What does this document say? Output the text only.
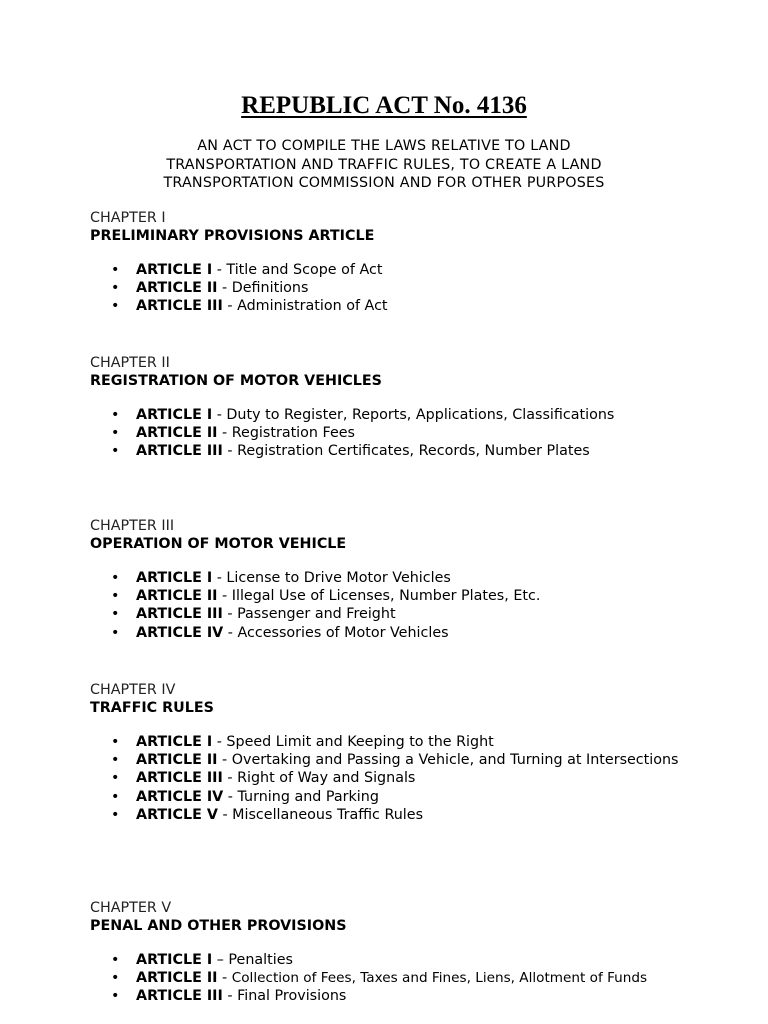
REPUBLIC ACT No. 4136
AN ACT TO COMPILE THE LAWS RELATIVE TO LAND
TRANSPORTATION AND TRAFFIC RULES, TO CREATE A LAND
TRANSPORTATION COMMISSION AND FOR OTHER PURPOSES
CHAPTER I
PRELIMINARY PROVISIONS ARTICLE
• ARTICLE I - Title and Scope of Act
• ARTICLE II - Definitions
• ARTICLE III - Administration of Act
CHAPTER II
REGISTRATION OF MOTOR VEHICLES
• ARTICLE I - Duty to Register, Reports, Applications, Classifications
• ARTICLE II - Registration Fees
• ARTICLE III - Registration Certificates, Records, Number Plates
CHAPTER III
OPERATION OF MOTOR VEHICLE
• ARTICLE I - License to Drive Motor Vehicles
• ARTICLE II - Illegal Use of Licenses, Number Plates, Etc.
• ARTICLE III - Passenger and Freight
• ARTICLE IV - Accessories of Motor Vehicles
CHAPTER IV
TRAFFIC RULES
• ARTICLE I - Speed Limit and Keeping to the Right
• ARTICLE II - Overtaking and Passing a Vehicle, and Turning at Intersections
• ARTICLE III - Right of Way and Signals
• ARTICLE IV - Turning and Parking
• ARTICLE V - Miscellaneous Traffic Rules
CHAPTER V
PENAL AND OTHER PROVISIONS
• ARTICLE I – Penalties
• ARTICLE II - Collection of Fees, Taxes and Fines, Liens, Allotment of Funds
• ARTICLE III - Final Provisions
